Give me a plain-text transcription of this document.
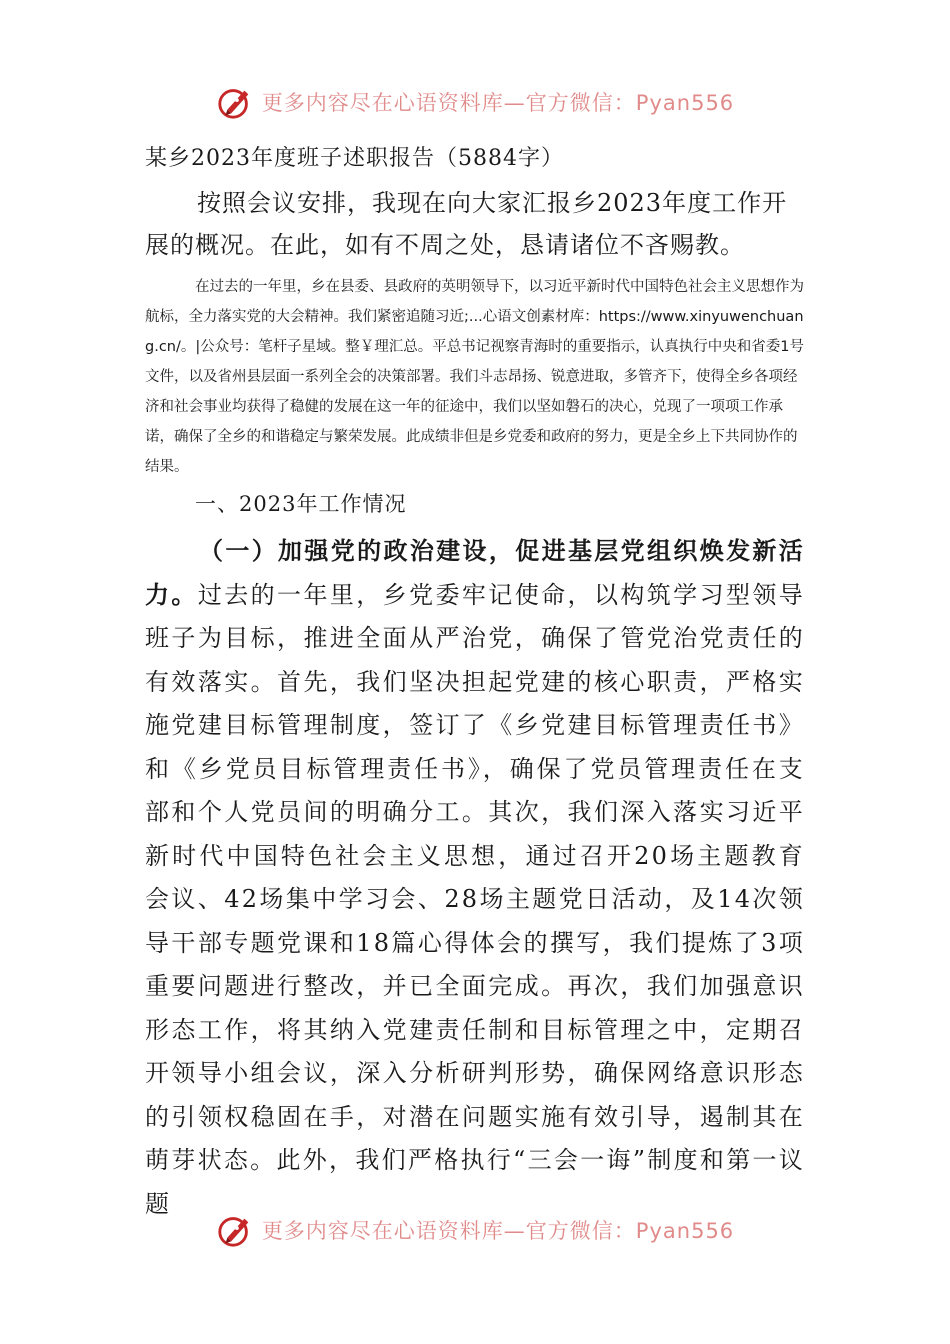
更多内容尽在心语资料库—官方微信：Pyan556

某乡2023年度班子述职报告（5884字）

按照会议安排，我现在向大家汇报乡2023年度工作开展的概况。在此，如有不周之处，恳请诸位不吝赐教。

在过去的一年里，乡在县委、县政府的英明领导下，以习近平新时代中国特色社会主义思想作为航标，全力落实党的大会精神。我们紧密追随习近;...心语文创素材库：https://www.xinyuwenchuang.cn/。|公众号：笔杆子星域。整￥理汇总。平总书记视察青海时的重要指示，认真执行中央和省委1号文件，以及省州县层面一系列全会的决策部署。我们斗志昂扬、锐意进取，多管齐下，使得全乡各项经济和社会事业均获得了稳健的发展在这一年的征途中，我们以坚如磐石的决心，兑现了一项项工作承诺，确保了全乡的和谐稳定与繁荣发展。此成绩非但是乡党委和政府的努力，更是全乡上下共同协作的结果。

一、2023年工作情况

（一）加强党的政治建设，促进基层党组织焕发新活力。过去的一年里，乡党委牢记使命，以构筑学习型领导班子为目标，推进全面从严治党，确保了管党治党责任的有效落实。首先，我们坚决担起党建的核心职责，严格实施党建目标管理制度，签订了《乡党建目标管理责任书》和《乡党员目标管理责任书》，确保了党员管理责任在支部和个人党员间的明确分工。其次，我们深入落实习近平新时代中国特色社会主义思想，通过召开20场主题教育会议、42场集中学习会、28场主题党日活动，及14次领导干部专题党课和18篇心得体会的撰写，我们提炼了3项重要问题进行整改，并已全面完成。再次，我们加强意识形态工作，将其纳入党建责任制和目标管理之中，定期召开领导小组会议，深入分析研判形势，确保网络意识形态的引领权稳固在手，对潜在问题实施有效引导，遏制其在萌芽状态。此外，我们严格执行“三会一诲”制度和第一议题

更多内容尽在心语资料库—官方微信：Pyan556
